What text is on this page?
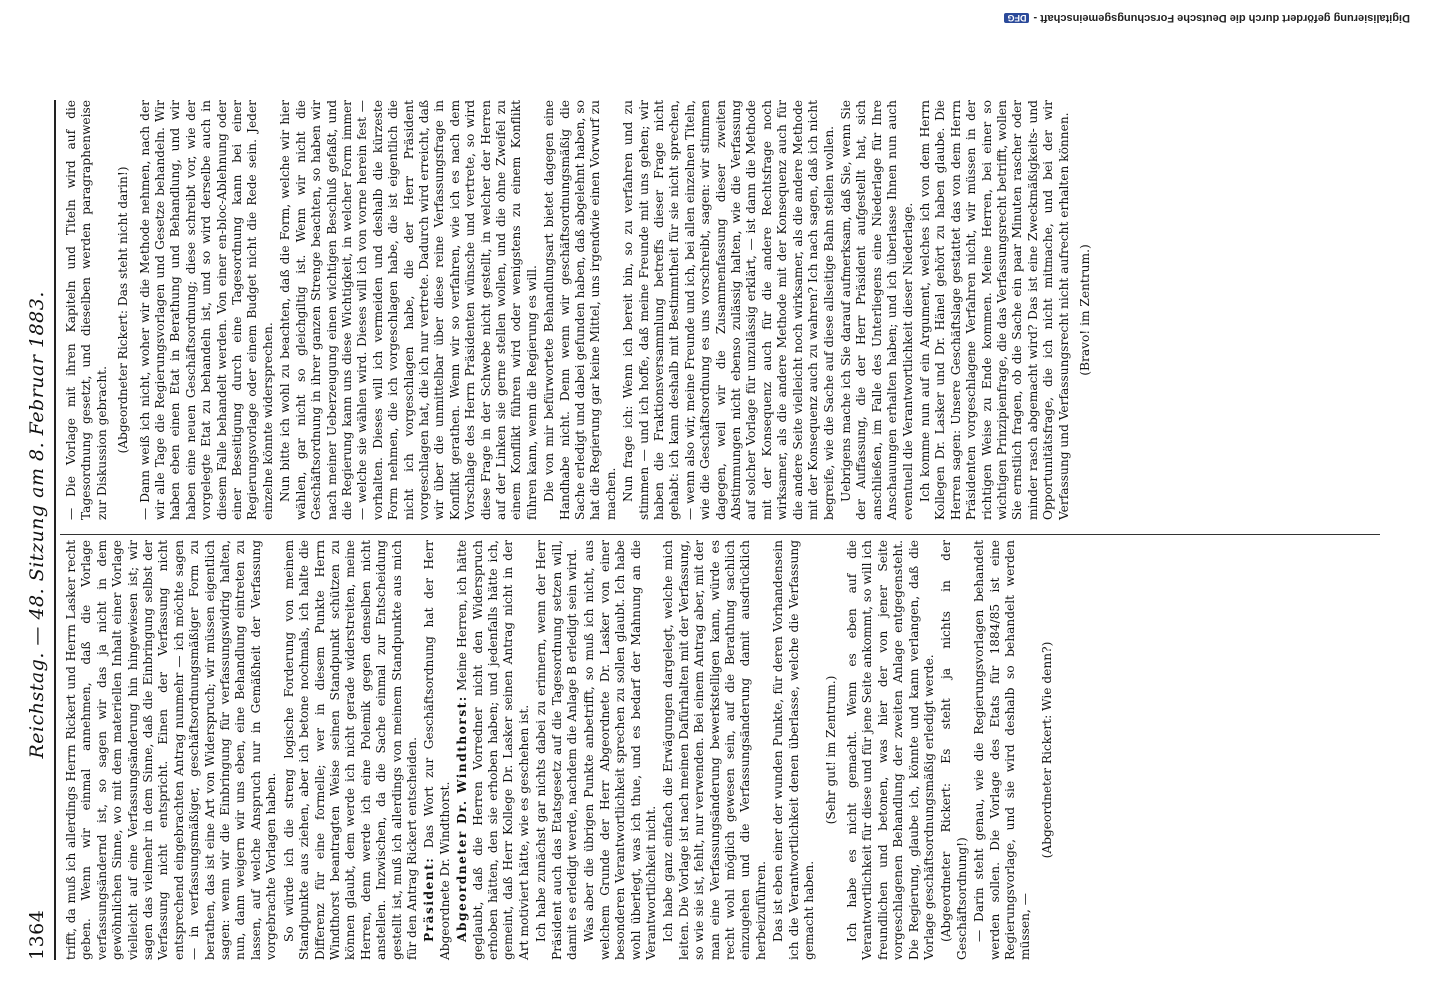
1364
Reichstag. — 48. Sitzung am 8. Februar 1883. trifft, da muß ich allerdings Herrn Rickert und Herrn Lasker recht geben. Wenn wir einmal annehmen, daß die Vorlage verfassungsändernd ist, so sagen wir das ja nicht in dem gewöhnlichen Sinne, wo mit dem materiellen Inhalt einer Vorlage vielleicht auf eine Verfassungsänderung hin hingewiesen ist; wir sagen das vielmehr in dem Sinne, daß die Einbringung selbst der Verfassung nicht entspricht. Einen der Verfassung nicht entsprechend eingebrachten Antrag nunmehr — ich möchte sagen — in verfassungsmäßiger, geschäftsordnungsmäßiger Form zu berathen, das ist eine Art von Widerspruch; wir müssen eigentlich sagen: wenn wir die Einbringung für verfassungswidrig halten, nun, dann weigern wir uns eben, eine Behandlung eintreten zu lassen, auf welche Anspruch nur in Gemäßheit der Verfassung vorgebrachte Vorlagen haben. So würde ich die streng logische Forderung von meinem Standpunkte aus ziehen, aber ich betone nochmals, ich halte die Differenz für eine formelle; wer in diesem Punkte Herrn Windthorst beantragten Weise seinen Standpunkt schützen zu können glaubt, dem werde ich nicht gerade widerstreiten, meine Herren, denn werde ich eine Polemik gegen denselben nicht anstellen. Inzwischen, da die Sache einmal zur Entscheidung gestellt ist, muß ich allerdings von meinem Standpunkte aus mich für den Antrag Rickert entscheiden. Präsident: Das Wort zur Geschäftsordnung hat der Herr Abgeordnete Dr. Windthorst. Abgeordneter Dr. Windthorst: Meine Herren, ich hätte geglaubt, daß die Herren Vorredner nicht den Widerspruch erhoben hätten, den sie erhoben haben; und jedenfalls hätte ich, gemeint, daß Herr Kollege Dr. Lasker seinen Antrag nicht in der Art motiviert hätte, wie es geschehen ist. Ich habe zunächst gar nichts dabei zu erinnern, wenn der Herr Präsident auch das Etatsgesetz auf die Tagesordnung setzen will, damit es erledigt werde, nachdem die Anlage B erledigt sein wird. Was aber die übrigen Punkte anbetrifft, so muß ich nicht, aus welchem Grunde der Herr Abgeordnete Dr. Lasker von einer besonderen Verantwortlichkeit sprechen zu sollen glaubt. Ich habe wohl überlegt, was ich thue, und es bedarf der Mahnung an die Verantwortlichkeit nicht. Ich habe ganz einfach die Erwägungen dargelegt, welche mich leiten. Die Vorlage ist nach meinen Dafürhalten mit der Verfassung, so wie sie ist, fehlt, nur verwenden. Bei einem Antrag aber, mit der man eine Verfassungsänderung bewerkstelligen kann, würde es recht wohl möglich gewesen sein, auf die Berathung sachlich einzugehen und die Verfassungsänderung damit ausdrücklich herbeizuführen. Das ist eben einer der wunden Punkte, für deren Vorhandensein ich die Verantwortlichkeit denen überlasse, welche die Verfassung gemacht haben.

(Sehr gut! im Zentrum.) Ich habe es nicht gemacht. Wenn es eben auf die Verantwortlichkeit für diese und für jene Seite ankommt, so will ich freundlichen und betonen, was hier der von jener Seite vorgeschlagenen Behandlung der zweiten Anlage entgegensteht. Die Regierung, glaube ich, könnte und kann verlangen, daß die Vorlage geschäftsordnungsmäßig erledigt werde. (Abgeordneter Rickert: Es steht ja nichts in der Geschäftsordnung!) — Darin steht genau, wie die Regierungsvorlagen behandelt werden sollen. Die Vorlage des Etats für 1884/85 ist eine Regierungsvorlage, und sie wird deshalb so behandelt werden müssen, —

(Abgeordneter Rickert: Wie denn?)

— Die Vorlage mit ihren Kapiteln und Titeln wird auf die Tagesordnung gesetzt, und dieselben werden paragraphenweise zur Diskussion gebracht. (Abgeordneter Rickert: Das steht nicht darin!) — Dann weiß ich nicht, woher wir die Methode nehmen, nach der wir alle Tage die Regierungsvorlagen und Gesetze behandeln. Wir haben eben einen Etat in Berathung und Behandlung, und wir haben eine neuen Geschäftsordnung; diese schreibt vor, wie der vorgelegte Etat zu behandeln ist, und so wird derselbe auch in diesem Falle behandelt werden. Von einer en-bloc-Ablehnung oder einer Beseitigung durch eine Tagesordnung kann bei einer Regierungsvorlage oder einem Budget nicht die Rede sein. Jeder einzelne könnte widersprechen. Nun bitte ich wohl zu beachten, daß die Form, welche wir hier wählen, gar nicht so gleichgiltig ist. Wenn wir nicht die Geschäftsordnung in ihrer ganzen Strenge beachten, so haben wir nach meiner Ueberzeugung einen wichtigen Beschluß gefaßt, und die Regierung kann uns diese Wichtigkeit, in welcher Form immer — welche sie wählen wird. Dieses will ich von vorne herein fest — vorhalten. Dieses will ich vermeiden und deshalb die kürzeste Form nehmen, die ich vorgeschlagen habe, die ist eigentlich die nicht ich vorgeschlagen habe, die der Herr Präsident vorgeschlagen hat, die ich nur vertrete. Dadurch wird erreicht, daß wir über die unmittelbar über diese reine Verfassungsfrage in Konflikt gerathen. Wenn wir so verfahren, wie ich es nach dem Vorschlage des Herrn Präsidenten wünsche und vertrete, so wird diese Frage in der Schwebe nicht gestellt, in welcher der Herren auf der Linken sie gerne stellen wollen, und die ohne Zweifel zu einem Konflikt führen wird oder wenigstens zu einem Konflikt führen kann, wenn die Regierung es will. Die von mir befürwortete Behandlungsart bietet dagegen eine Handhabe nicht. Denn wenn wir geschäftsordnungsmäßig die Sache erledigt und dabei gefunden haben, daß abgelehnt haben, so hat die Regierung gar keine Mittel, uns irgendwie einen Vorwurf zu machen. Nun frage ich: Wenn ich bereit bin, so zu verfahren und zu stimmen — und ich hoffe, daß meine Freunde mit uns gehen; wir haben die Fraktionsversammlung betreffs dieser Frage nicht gehabt: ich kann deshalb mit Bestimmtheit für sie nicht sprechen, — wenn also wir, meine Freunde und ich, bei allen einzelnen Titeln, wie die Geschäftsordnung es uns vorschreibt, sagen: wir stimmen dagegen, weil wir die Zusammenfassung dieser zweiten Abstimmungen nicht ebenso zulässig halten, wie die Verfassung auf solcher Vorlage für unzulässig erklärt, — ist dann die Methode mit der Konsequenz auch für die andere Rechtsfrage noch wirksamer, als die andere Methode mit der Konsequenz auch für die andere Seite vielleicht noch wirksamer, als die andere Methode mit der Konsequenz auch zu wahren? Ich nach sagen, daß ich nicht begreife, wie die Sache auf diese allseitige Bahn stellen wollen. Uebrigens mache ich Sie darauf aufmerksam, daß Sie, wenn Sie der Auffassung, die der Herr Präsident aufgestellt hat, sich anschließen, im Falle des Unterliegens eine Niederlage für Ihre Anschauungen erhalten haben; und ich überlasse Ihnen nun auch eventuell die Verantwortlichkeit dieser Niederlage. Ich komme nun auf ein Argument, welches ich von dem Herrn Kollegen Dr. Lasker und Dr. Hänel gehört zu haben glaube. Die Herren sagen: Unsere Geschäftslage gestattet das von dem Herrn Präsidenten vorgeschlagene Verfahren nicht, wir müssen in der richtigen Weise zu Ende kommen. Meine Herren, bei einer so wichtigen Prinzipienfrage, die das Verfassungsrecht betrifft, wollen Sie ernstlich fragen, ob die Sache ein paar Minuten rascher oder minder rasch abgemacht wird? Das ist eine Zweckmäßigkeits- und Opportunitätsfrage, die ich nicht mitmache, und bei der wir Verfassung und Verfassungsrecht nicht aufrecht erhalten können. (Bravo! im Zentrum.)

Digitalisierung gefördert durch die Deutsche Forschungsgemeinschaft -DFG
